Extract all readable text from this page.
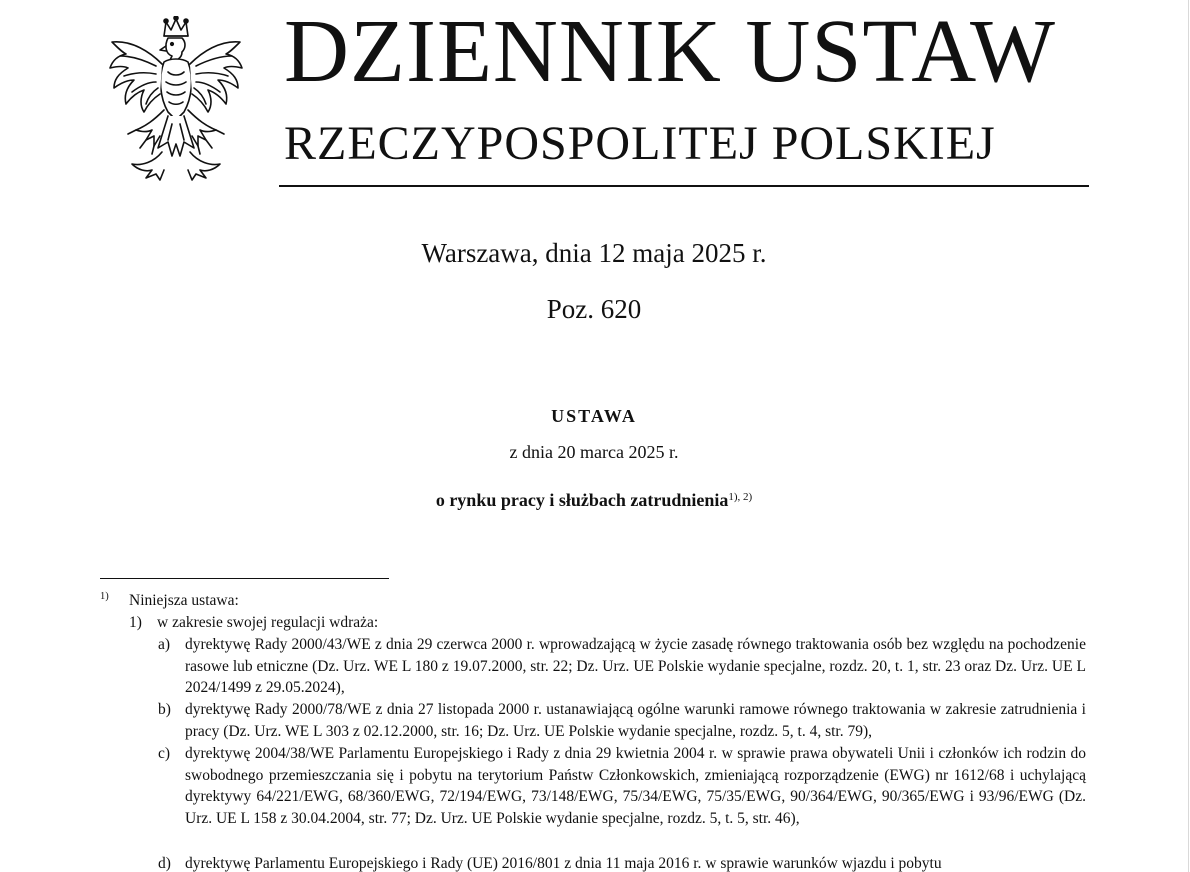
DZIENNIK USTAW
RZECZYPOSPOLITEJ POLSKIEJ
Warszawa, dnia 12 maja 2025 r.
Poz. 620
USTAWA
z dnia 20 marca 2025 r.
o rynku pracy i służbach zatrudnienia$^{1), 2)}$
1) Niniejsza ustawa:
1) w zakresie swojej regulacji wdraża:
a) dyrektywę Rady 2000/43/WE z dnia 29 czerwca 2000 r. wprowadzającą w życie zasadę równego traktowania osób bez względu na pochodzenie rasowe lub etniczne (Dz. Urz. WE L 180 z 19.07.2000, str. 22; Dz. Urz. UE Polskie wydanie specjalne, rozdz. 20, t. 1, str. 23 oraz Dz. Urz. UE L 2024/1499 z 29.05.2024),
b) dyrektywę Rady 2000/78/WE z dnia 27 listopada 2000 r. ustanawiającą ogólne warunki ramowe równego traktowania w zakresie zatrudnienia i pracy (Dz. Urz. WE L 303 z 02.12.2000, str. 16; Dz. Urz. UE Polskie wydanie specjalne, rozdz. 5, t. 4, str. 79),
c) dyrektywę 2004/38/WE Parlamentu Europejskiego i Rady z dnia 29 kwietnia 2004 r. w sprawie prawa obywateli Unii i członków ich rodzin do swobodnego przemieszczania się i pobytu na terytorium Państw Członkowskich, zmieniającą rozporządzenie (EWG) nr 1612/68 i uchylającą dyrektywy 64/221/EWG, 68/360/EWG, 72/194/EWG, 73/148/EWG, 75/34/EWG, 75/35/EWG, 90/364/EWG, 90/365/EWG i 93/96/EWG (Dz. Urz. UE L 158 z 30.04.2004, str. 77; Dz. Urz. UE Polskie wydanie specjalne, rozdz. 5, t. 5, str. 46),
d) dyrektywę Parlamentu Europejskiego i Rady (UE) 2016/801 z dnia 11 maja 2016 r. w sprawie warunków wjazdu i pobytu
